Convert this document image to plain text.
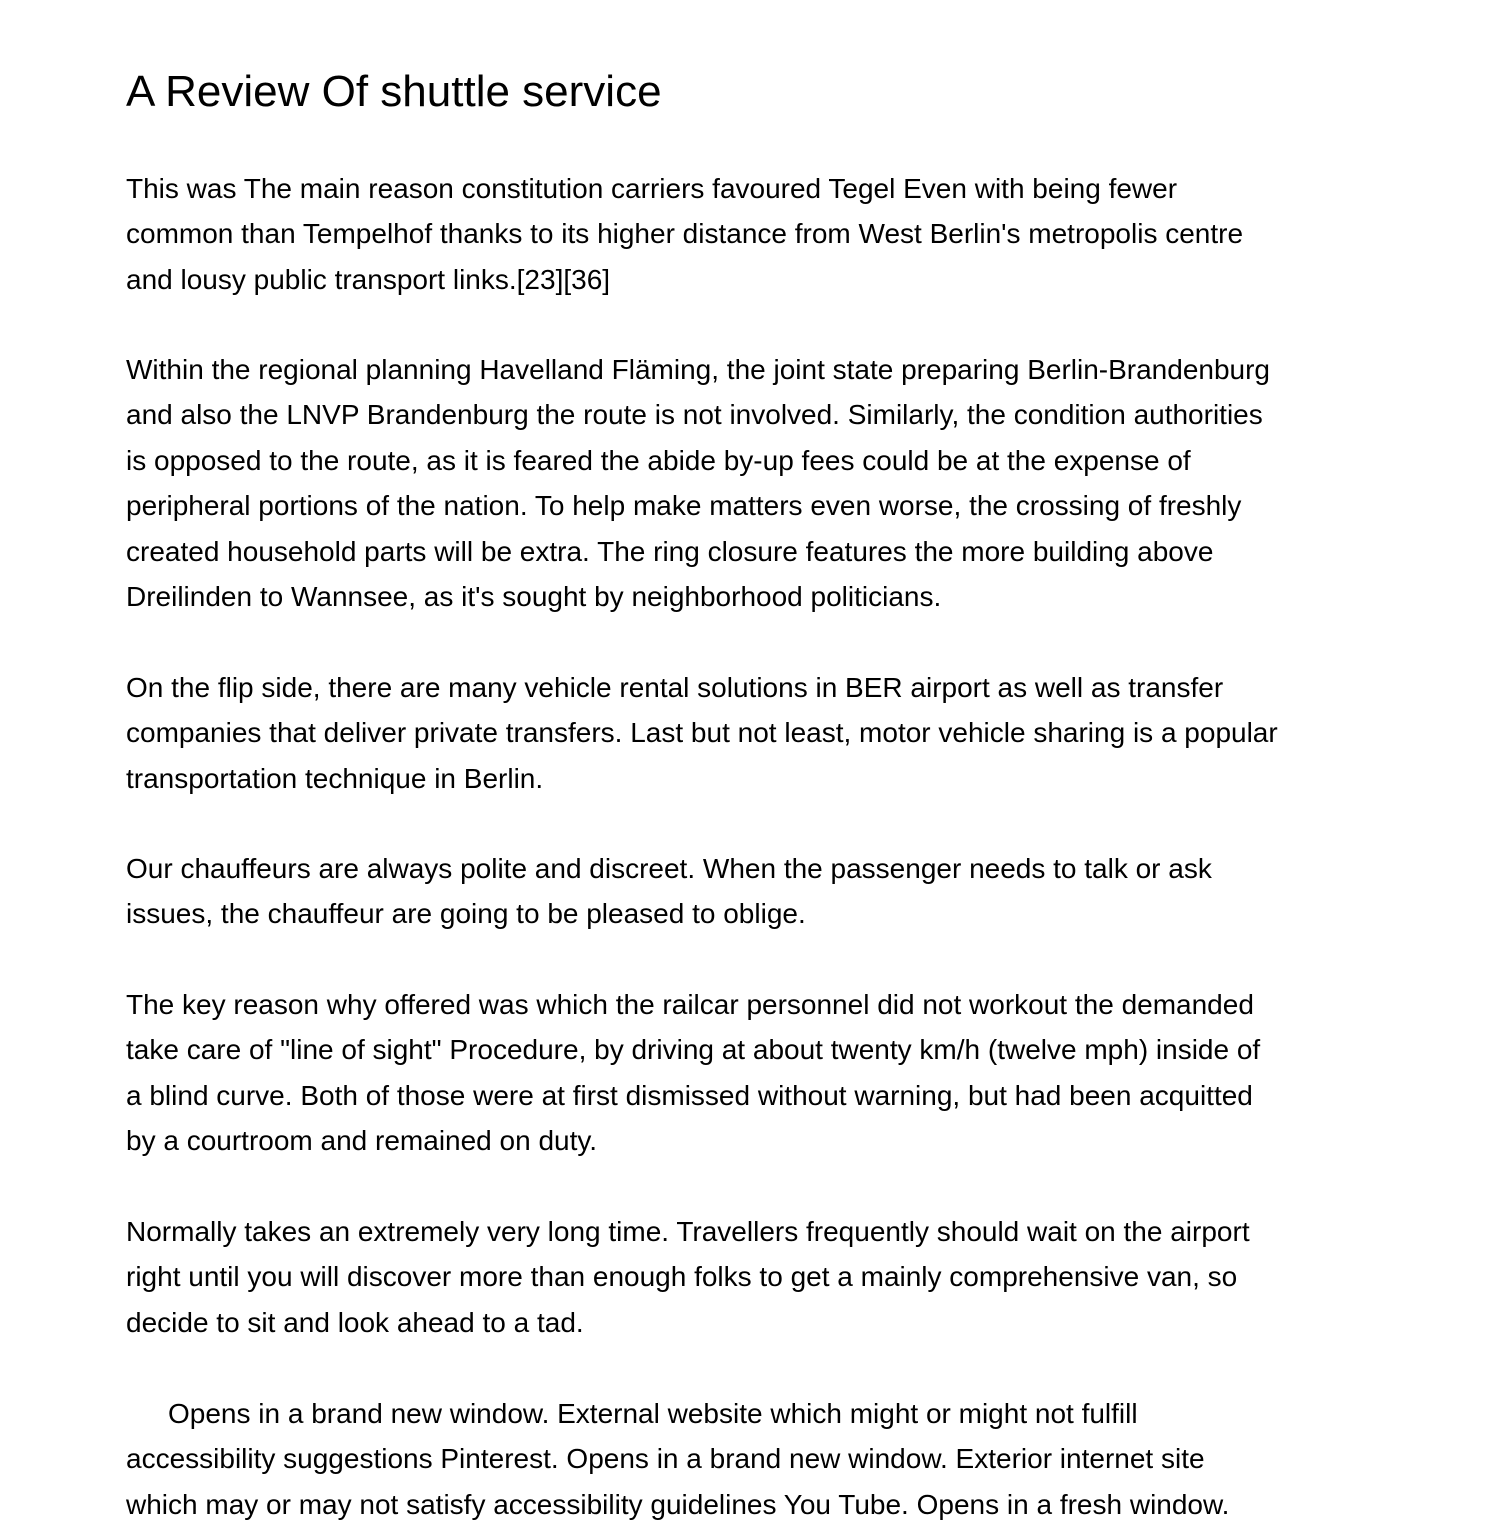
A Review Of shuttle service

This was The main reason constitution carriers favoured Tegel Even with being fewer
common than Tempelhof thanks to its higher distance from West Berlin's metropolis centre
and lousy public transport links.[23][36]

Within the regional planning Havelland Fläming, the joint state preparing Berlin-Brandenburg
and also the LNVP Brandenburg the route is not involved. Similarly, the condition authorities
is opposed to the route, as it is feared the abide by-up fees could be at the expense of
peripheral portions of the nation. To help make matters even worse, the crossing of freshly
created household parts will be extra. The ring closure features the more building above
Dreilinden to Wannsee, as it's sought by neighborhood politicians.

On the flip side, there are many vehicle rental solutions in BER airport as well as transfer
companies that deliver private transfers. Last but not least, motor vehicle sharing is a popular
transportation technique in Berlin.

Our chauffeurs are always polite and discreet. When the passenger needs to talk or ask
issues, the chauffeur are going to be pleased to oblige.

The key reason why offered was which the railcar personnel did not workout the demanded
take care of "line of sight" Procedure, by driving at about twenty km/h (twelve mph) inside of
a blind curve. Both of those were at first dismissed without warning, but had been acquitted
by a courtroom and remained on duty.

Normally takes an extremely very long time. Travellers frequently should wait on the airport
right until you will discover more than enough folks to get a mainly comprehensive van, so
decide to sit and look ahead to a tad.

Opens in a brand new window. External website which might or might not fulfill
accessibility suggestions Pinterest. Opens in a brand new window. Exterior internet site
which may or may not satisfy accessibility guidelines You Tube. Opens in a fresh window.
